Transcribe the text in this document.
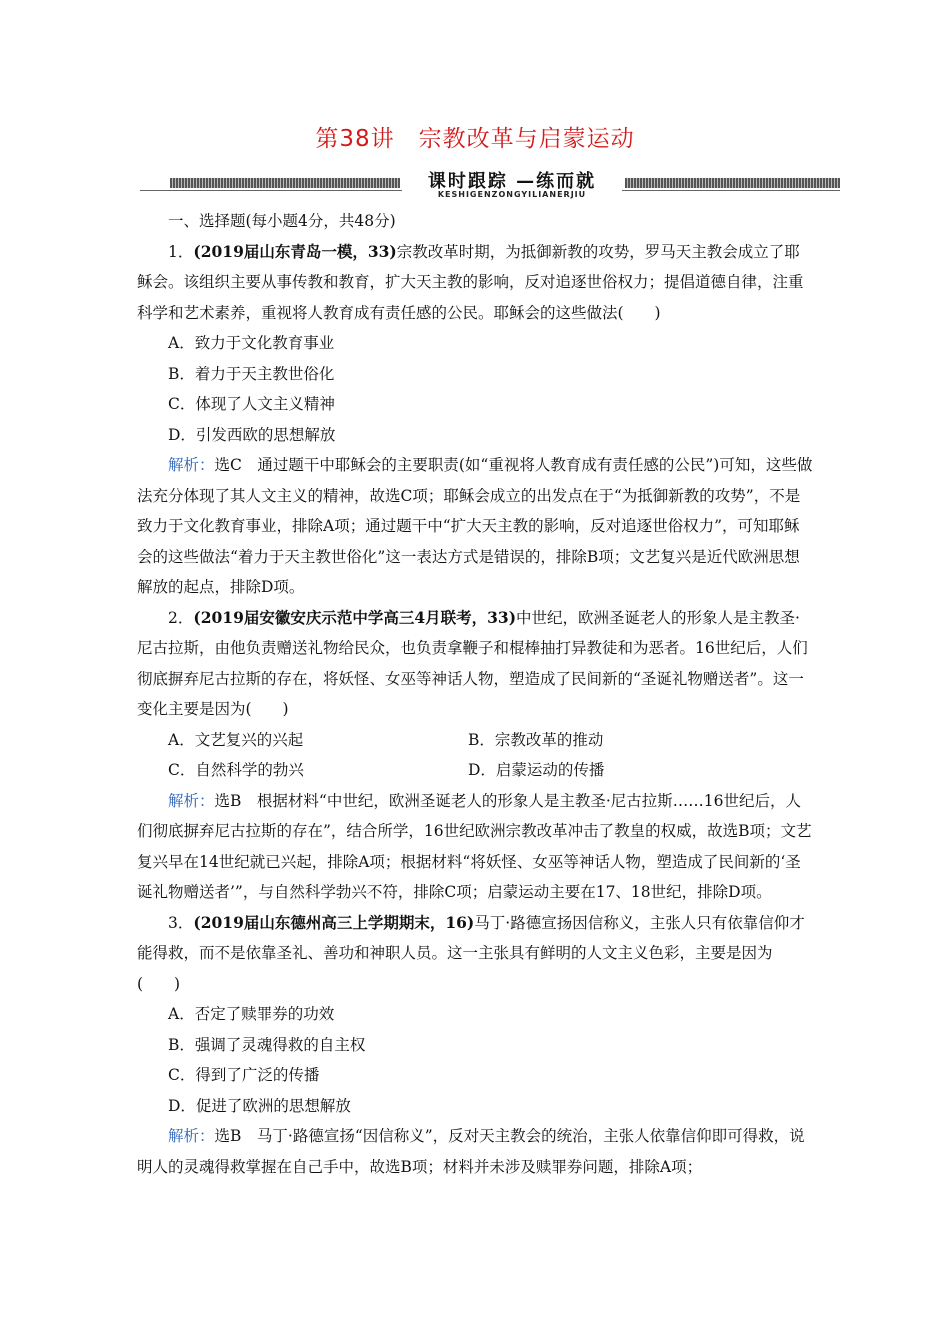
第38讲　宗教改革与启蒙运动
课时跟踪 —练而就
KESHIGENZONGYILIANERJIU

一、选择题(每小题4分，共48分)

1．(2019届山东青岛一模，33)宗教改革时期，为抵御新教的攻势，罗马天主教会成立了耶稣会。该组织主要从事传教和教育，扩大天主教的影响，反对追逐世俗权力；提倡道德自律，注重科学和艺术素养，重视将人教育成有责任感的公民。耶稣会的这些做法(　　)

A．致力于文化教育事业

B．着力于天主教世俗化

C．体现了人文主义精神

D．引发西欧的思想解放

解析：选C　通过题干中耶稣会的主要职责(如“重视将人教育成有责任感的公民”)可知，这些做法充分体现了其人文主义的精神，故选C项；耶稣会成立的出发点在于“为抵御新教的攻势”，不是致力于文化教育事业，排除A项；通过题干中“扩大天主教的影响，反对追逐世俗权力”，可知耶稣会的这些做法“着力于天主教世俗化”这一表达方式是错误的，排除B项；文艺复兴是近代欧洲思想解放的起点，排除D项。

2．(2019届安徽安庆示范中学高三4月联考，33)中世纪，欧洲圣诞老人的形象人是主教圣·尼古拉斯，由他负责赠送礼物给民众，也负责拿鞭子和棍棒抽打异教徒和为恶者。16世纪后，人们彻底摒弃尼古拉斯的存在，将妖怪、女巫等神话人物，塑造成了民间新的“圣诞礼物赠送者”。这一变化主要是因为(　　)

A．文艺复兴的兴起	B．宗教改革的推动
C．自然科学的勃兴	D．启蒙运动的传播

解析：选B　根据材料“中世纪，欧洲圣诞老人的形象人是主教圣·尼古拉斯……16世纪后，人们彻底摒弃尼古拉斯的存在”，结合所学，16世纪欧洲宗教改革冲击了教皇的权威，故选B项；文艺复兴早在14世纪就已兴起，排除A项；根据材料“将妖怪、女巫等神话人物，塑造成了民间新的‘圣诞礼物赠送者’”，与自然科学勃兴不符，排除C项；启蒙运动主要在17、18世纪，排除D项。

3．(2019届山东德州高三上学期期末，16)马丁·路德宣扬因信称义，主张人只有依靠信仰才能得救，而不是依靠圣礼、善功和神职人员。这一主张具有鲜明的人文主义色彩，主要是因为(　　)

A．否定了赎罪券的功效

B．强调了灵魂得救的自主权

C．得到了广泛的传播

D．促进了欧洲的思想解放

解析：选B　马丁·路德宣扬“因信称义”，反对天主教会的统治，主张人依靠信仰即可得救，说明人的灵魂得救掌握在自己手中，故选B项；材料并未涉及赎罪券问题，排除A项；
